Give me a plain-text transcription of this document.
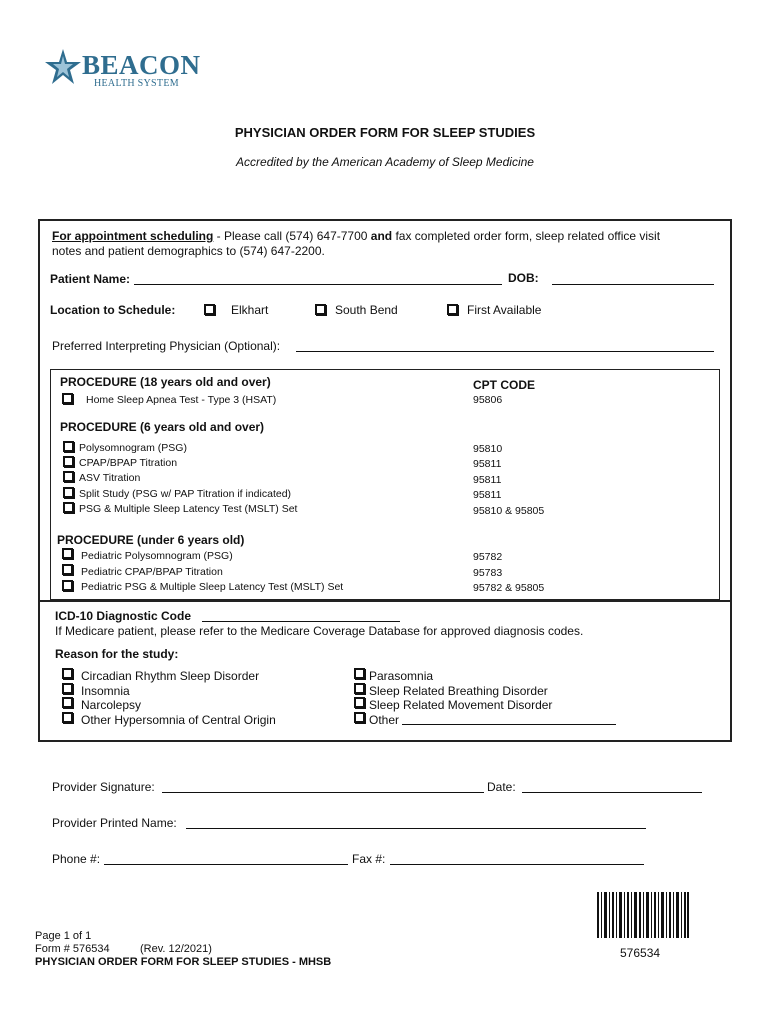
BEACON
HEALTH SYSTEM
PHYSICIAN ORDER FORM FOR SLEEP STUDIES
Accredited by the American Academy of Sleep Medicine
For appointment scheduling - Please call (574) 647-7700 and fax completed order form, sleep related office visit
notes and patient demographics to (574) 647-2200.
Patient Name:	DOB:
Location to Schedule:	Elkhart	South Bend	First Available
Preferred Interpreting Physician (Optional):
PROCEDURE (18 years old and over)	CPT CODE
Home Sleep Apnea Test - Type 3 (HSAT)	95806
PROCEDURE (6 years old and over)
Polysomnogram (PSG)	95810
CPAP/BPAP Titration	95811
ASV Titration	95811
Split Study (PSG w/ PAP Titration if indicated)	95811
PSG & Multiple Sleep Latency Test (MSLT) Set	95810 & 95805
PROCEDURE (under 6 years old)
Pediatric Polysomnogram (PSG)	95782
Pediatric CPAP/BPAP Titration	95783
Pediatric PSG & Multiple Sleep Latency Test (MSLT) Set	95782 & 95805
ICD-10 Diagnostic Code
If Medicare patient, please refer to the Medicare Coverage Database for approved diagnosis codes.
Reason for the study:
Circadian Rhythm Sleep Disorder
Insomnia
Narcolepsy
Other Hypersomnia of Central Origin
Parasomnia
Sleep Related Breathing Disorder
Sleep Related Movement Disorder
Other
Provider Signature:	Date:
Provider Printed Name:
Phone #:	Fax #:
Page 1 of 1
Form # 576534	(Rev. 12/2021)
PHYSICIAN ORDER FORM FOR SLEEP STUDIES - MHSB
576534
